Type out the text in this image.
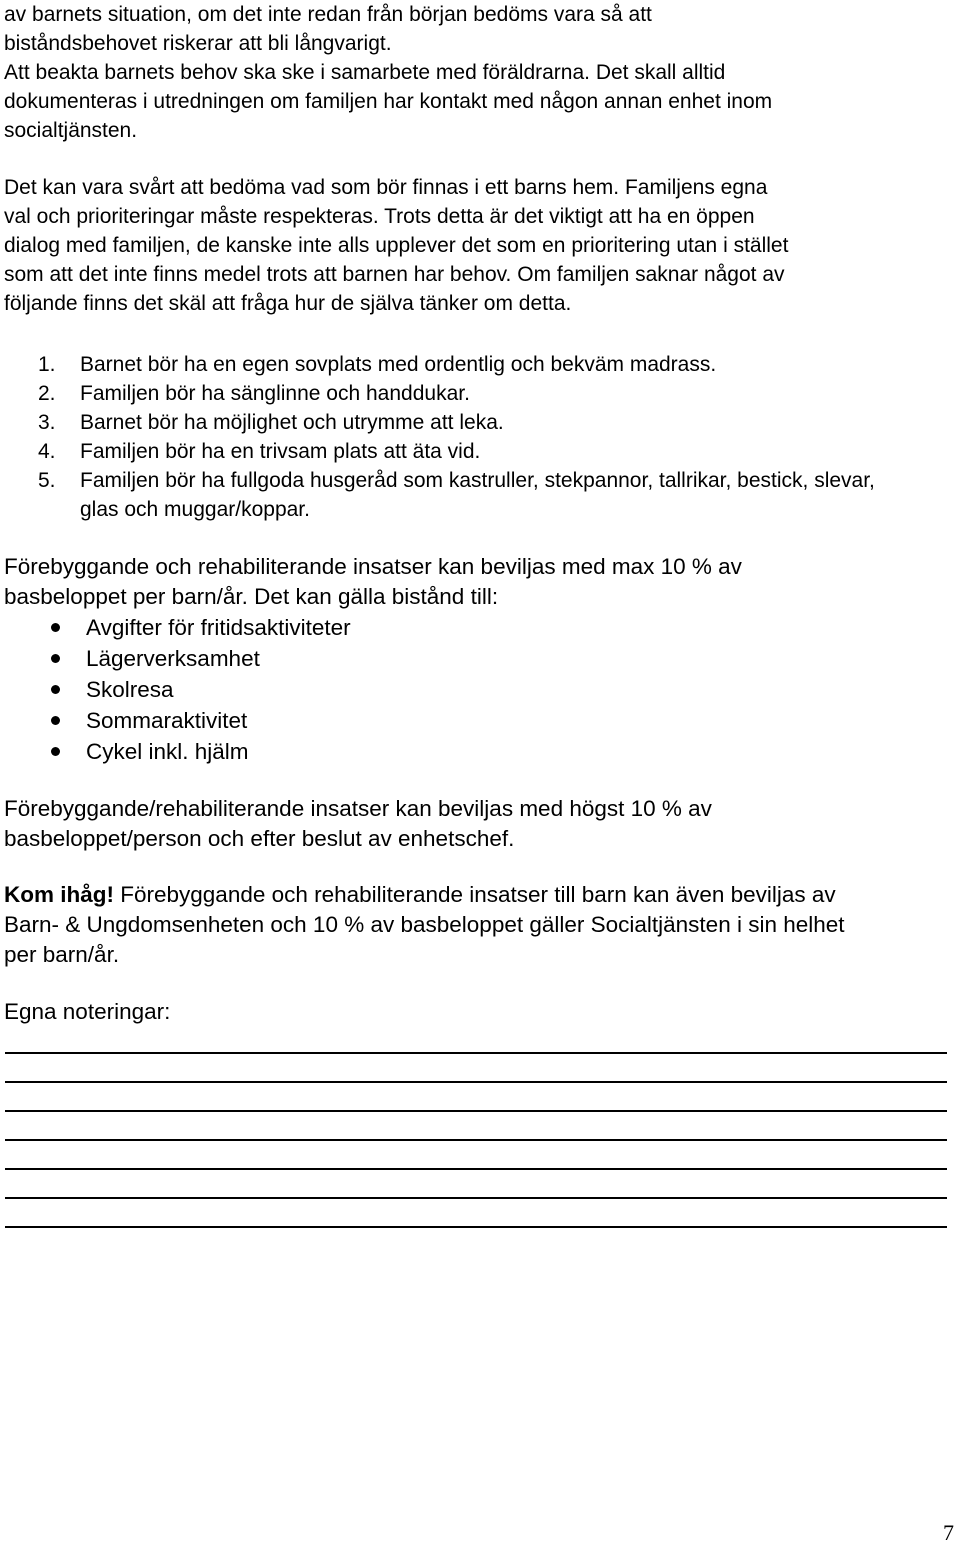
av barnets situation, om det inte redan från början bedöms vara så att

biståndsbehovet riskerar att bli långvarigt.

Att beakta barnets behov ska ske i samarbete med föräldrarna. Det skall alltid

dokumenteras i utredningen om familjen har kontakt med någon annan enhet inom

socialtjänsten.

Det kan vara svårt att bedöma vad som bör finnas i ett barns hem. Familjens egna

val och prioriteringar måste respekteras. Trots detta är det viktigt att ha en öppen

dialog med familjen, de kanske inte alls upplever det som en prioritering utan i stället

som att det inte finns medel trots att barnen har behov. Om familjen saknar något av

följande finns det skäl att fråga hur de själva tänker om detta.

1.	Barnet bör ha en egen sovplats med ordentlig och bekväm madrass.
2.	Familjen bör ha sänglinne och handdukar.
3.	Barnet bör ha möjlighet och utrymme att leka.
4.	Familjen bör ha en trivsam plats att äta vid.
5.	Familjen bör ha fullgoda husgeråd som kastruller, stekpannor, tallrikar, bestick, slevar, glas och muggar/koppar.

Förebyggande och rehabiliterande insatser kan beviljas med max 10 % av

basbeloppet per barn/år. Det kan gälla bistånd till:

Avgifter för fritidsaktiviteter
Lägerverksamhet
Skolresa
Sommaraktivitet
Cykel inkl. hjälm

Förebyggande/rehabiliterande insatser kan beviljas med högst 10 % av

basbeloppet/person och efter beslut av enhetschef.

Kom ihåg! Förebyggande och rehabiliterande insatser till barn kan även beviljas av

Barn- & Ungdomsenheten och 10 % av basbeloppet gäller Socialtjänsten i sin helhet

per barn/år.

Egna noteringar:

7
